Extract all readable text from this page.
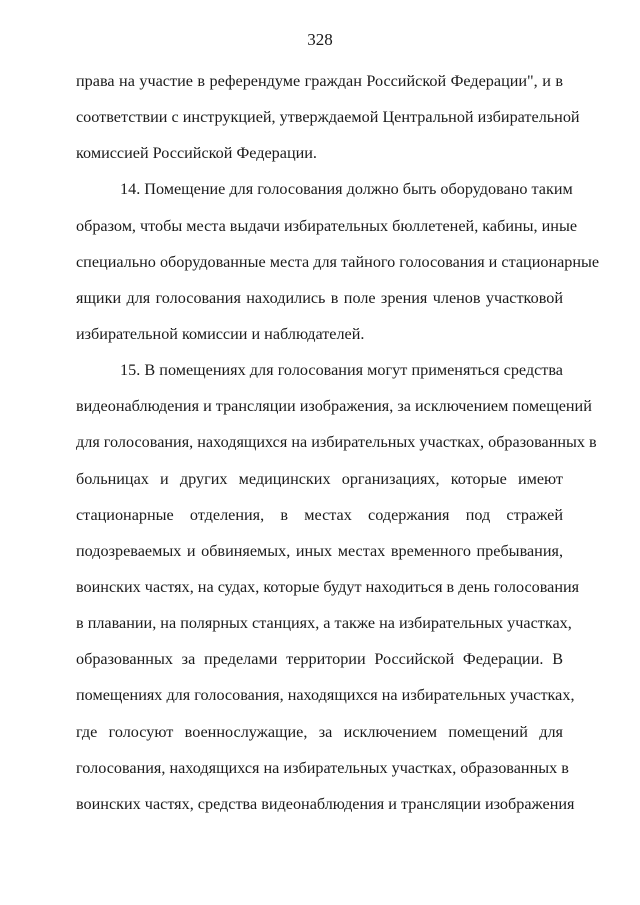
328
права на участие в референдуме граждан Российской Федерации", и в
соответствии с инструкцией, утверждаемой Центральной избирательной
комиссией Российской Федерации.
14. Помещение для голосования должно быть оборудовано таким
образом, чтобы места выдачи избирательных бюллетеней, кабины, иные
специально оборудованные места для тайного голосования и стационарные
ящики для голосования находились в поле зрения членов участковой
избирательной комиссии и наблюдателей.
15. В помещениях для голосования могут применяться средства
видеонаблюдения и трансляции изображения, за исключением помещений
для голосования, находящихся на избирательных участках, образованных в
больницах и других медицинских организациях, которые имеют
стационарные отделения, в местах содержания под стражей
подозреваемых и обвиняемых, иных местах временного пребывания,
воинских частях, на судах, которые будут находиться в день голосования
в плавании, на полярных станциях, а также на избирательных участках,
образованных за пределами территории Российской Федерации. В
помещениях для голосования, находящихся на избирательных участках,
где голосуют военнослужащие, за исключением помещений для
голосования, находящихся на избирательных участках, образованных в
воинских частях, средства видеонаблюдения и трансляции изображения
